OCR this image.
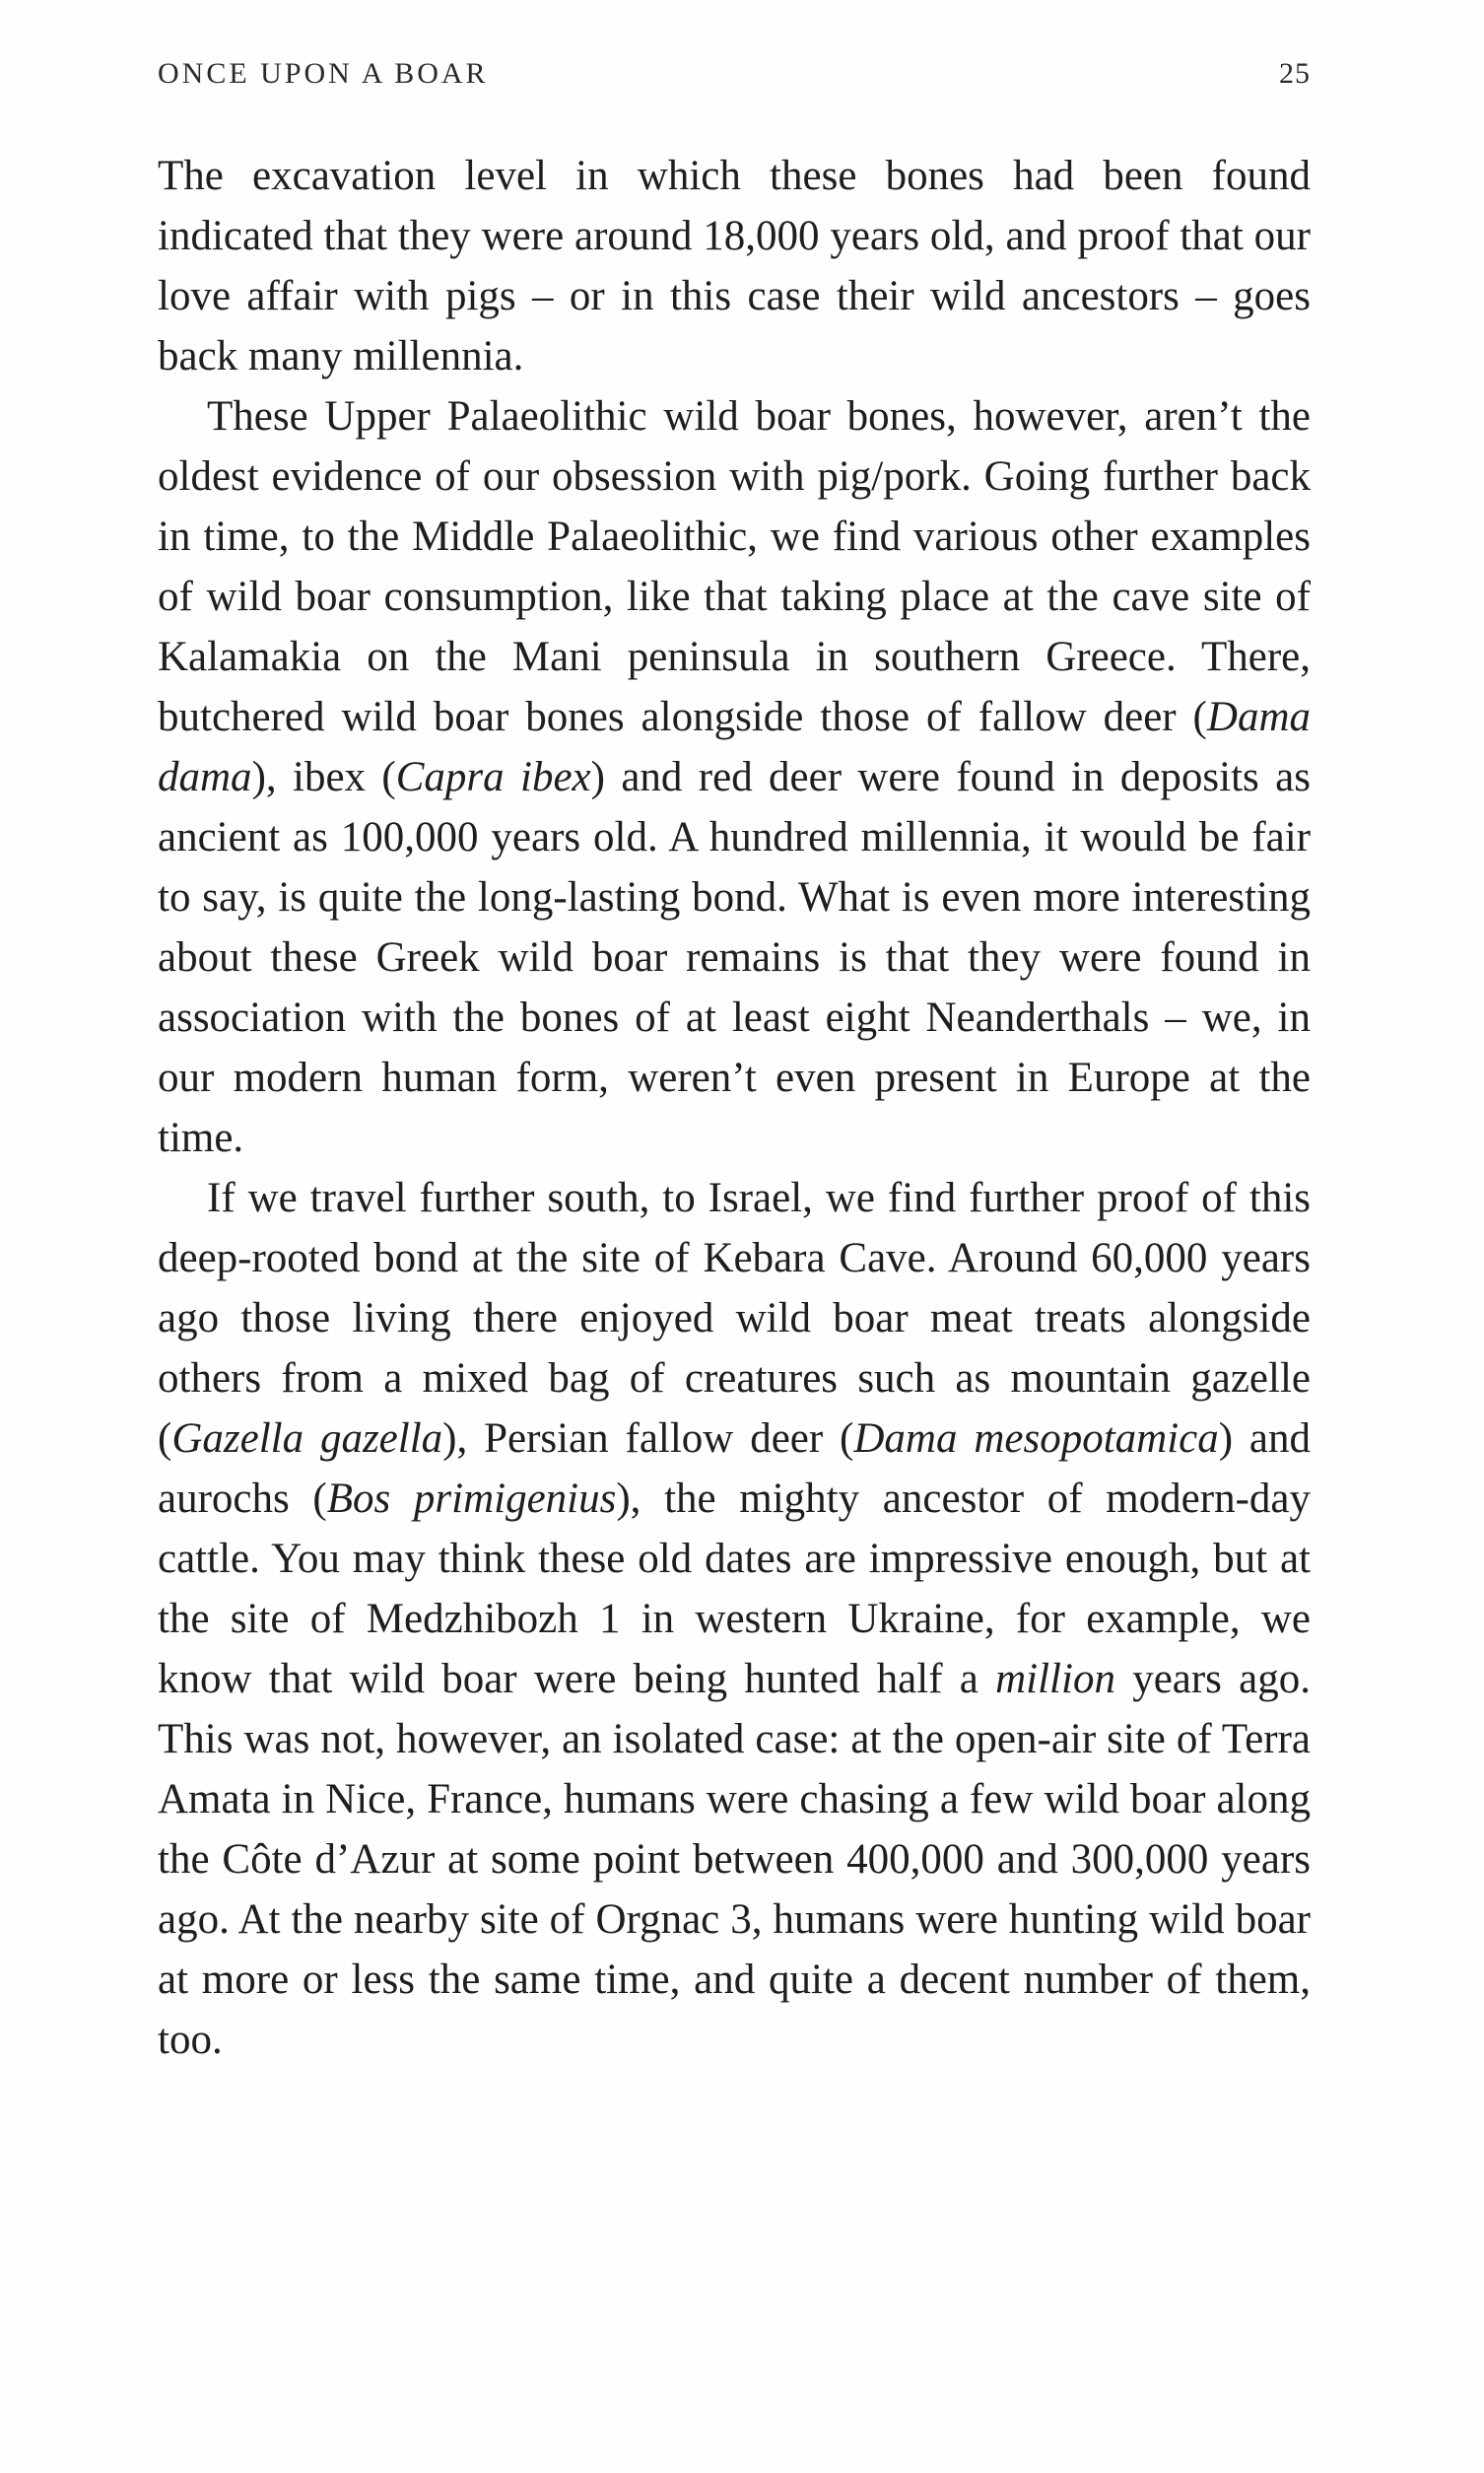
ONCE UPON A BOAR	25

The excavation level in which these bones had been found indicated that they were around 18,000 years old, and proof that our love affair with pigs – or in this case their wild ancestors – goes back many millennia.

These Upper Palaeolithic wild boar bones, however, aren’t the oldest evidence of our obsession with pig/pork. Going further back in time, to the Middle Palaeolithic, we find various other examples of wild boar consumption, like that taking place at the cave site of Kalamakia on the Mani peninsula in southern Greece. There, butchered wild boar bones alongside those of fallow deer (Dama dama), ibex (Capra ibex) and red deer were found in deposits as ancient as 100,000 years old. A hundred millennia, it would be fair to say, is quite the long-lasting bond. What is even more interesting about these Greek wild boar remains is that they were found in association with the bones of at least eight Neanderthals – we, in our modern human form, weren’t even present in Europe at the time.

If we travel further south, to Israel, we find further proof of this deep-rooted bond at the site of Kebara Cave. Around 60,000 years ago those living there enjoyed wild boar meat treats alongside others from a mixed bag of creatures such as mountain gazelle (Gazella gazella), Persian fallow deer (Dama mesopotamica) and aurochs (Bos primigenius), the mighty ancestor of modern-day cattle. You may think these old dates are impressive enough, but at the site of Medzhibozh 1 in western Ukraine, for example, we know that wild boar were being hunted half a million years ago. This was not, however, an isolated case: at the open-air site of Terra Amata in Nice, France, humans were chasing a few wild boar along the Côte d’Azur at some point between 400,000 and 300,000 years ago. At the nearby site of Orgnac 3, humans were hunting wild boar at more or less the same time, and quite a decent number of them, too.
